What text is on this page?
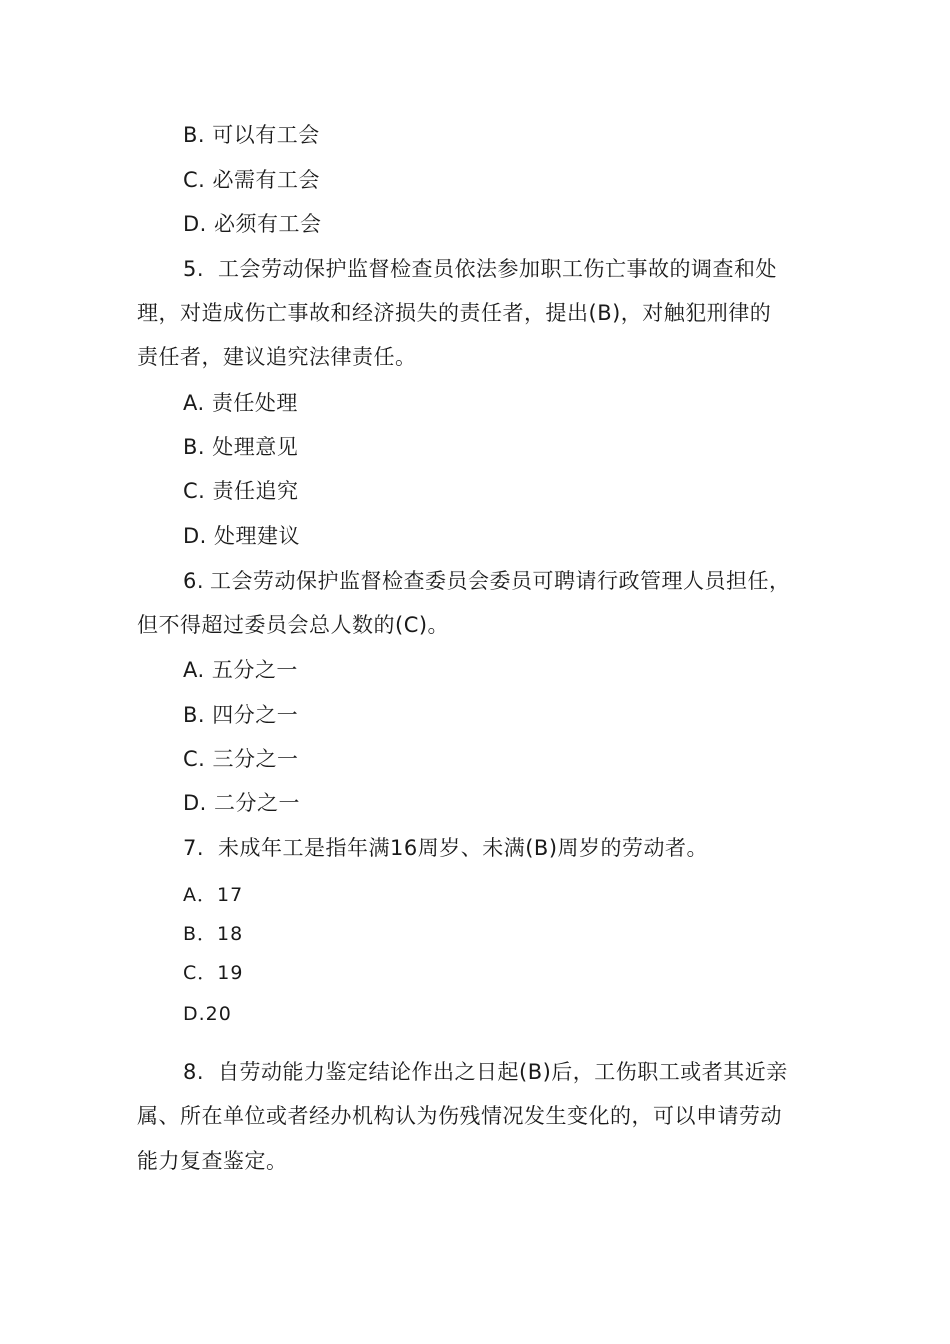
B. 可以有工会
C. 必需有工会
D. 必须有工会
5. 工会劳动保护监督检查员依法参加职工伤亡事故的调查和处
理，对造成伤亡事故和经济损失的责任者，提出(B)，对触犯刑律的
责任者，建议追究法律责任。
A. 责任处理
B. 处理意见
C. 责任追究
D. 处理建议
6. 工会劳动保护监督检查委员会委员可聘请行政管理人员担任，
但不得超过委员会总人数的(C)。
A. 五分之一
B. 四分之一
C. 三分之一
D. 二分之一
7. 未成年工是指年满16周岁、未满(B)周岁的劳动者。
A．17
B．18
C．19
D.20
8. 自劳动能力鉴定结论作出之日起(B)后，工伤职工或者其近亲
属、所在单位或者经办机构认为伤残情况发生变化的，可以申请劳动
能力复查鉴定。
